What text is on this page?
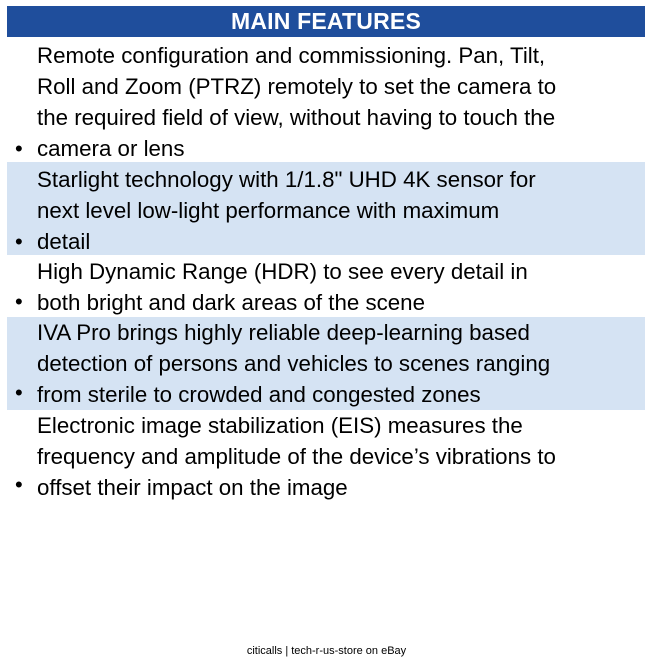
MAIN FEATURES
•
Remote configuration and commissioning. Pan, Tilt,
Roll and Zoom (PTRZ) remotely to set the camera to
the required field of view, without having to touch the
camera or lens
•
Starlight technology with 1/1.8" UHD 4K sensor for
next level low-light performance with maximum
detail
•
High Dynamic Range (HDR) to see every detail in
both bright and dark areas of the scene
•
IVA Pro brings highly reliable deep-learning based
detection of persons and vehicles to scenes ranging
from sterile to crowded and congested zones
•
Electronic image stabilization (EIS) measures the
frequency and amplitude of the device’s vibrations to
offset their impact on the image
citicalls | tech-r-us-store on eBay
